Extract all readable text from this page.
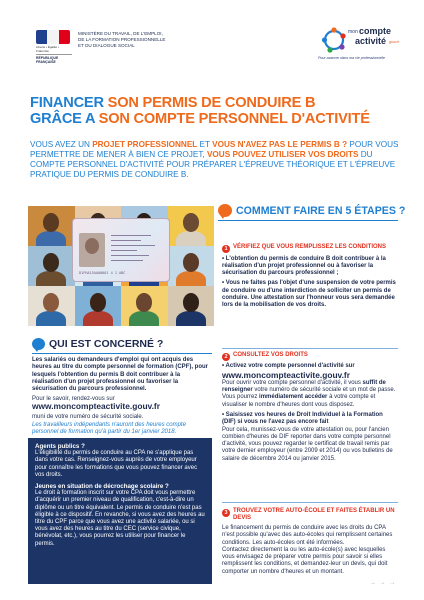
Liberté • Égalité • Fraternité
RÉPUBLIQUE FRANÇAISE
MINISTÈRE DU TRAVAIL, DE L'EMPLOI,
DE LA FORMATION PROFESSIONNELLE
ET DU DIALOGUE SOCIAL
mon compte
activité .gouv.fr
Pour avancer dans ma vie professionnelle
FINANCER SON PERMIS DE CONDUIRE B
GRÂCE A SON COMPTE PERSONNEL D'ACTIVITÉ
VOUS AVEZ UN PROJET PROFESSIONNEL ET VOUS N'AVEZ PAS LE PERMIS B ? POUR VOUS PERMETTRE DE MENER À BIEN CE PROJET, VOUS POUVEZ UTILISER VOS DROITS DU COMPTE PERSONNEL D'ACTIVITÉ POUR PRÉPARER L'ÉPREUVE THÉORIQUE ET L'ÉPREUVE PRATIQUE DU PERMIS DE CONDUIRE B.
D1FRA15AA00001 4 1 ABC
QUI EST CONCERNÉ ?
Les salariés ou demandeurs d'emploi qui ont acquis des heures au titre du compte personnel de formation (CPF), pour lesquels l'obtention du permis B doit contribuer à la réalisation d'un projet professionnel ou favoriser la sécurisation du parcours professionnel.
Pour le savoir, rendez-vous sur
www.moncompteactivite.gouv.fr
muni de votre numéro de sécurité sociale.
Les travailleurs indépendants n'auront des heures compte personnel de formation qu'à partir du 1er janvier 2018.
Agents publics ?
L'éligibilité du permis de conduire au CPA ne s'applique pas dans votre cas. Renseignez-vous auprès de votre employeur pour connaître les formations que vous pouvez financer avec vos droits.
Jeunes en situation de décrochage scolaire ?
Le droit à formation inscrit sur votre CPA doit vous permettre d'acquérir un premier niveau de qualification, c'est-à-dire un diplôme ou un titre équivalent. Le permis de conduire n'est pas éligible à ce dispositif. En revanche, si vous avez des heures au titre du CPF parce que vous avez une activité salariée, ou si vous avez des heures au titre du CEC (service civique, bénévolat, etc.), vous pourrez les utiliser pour financer le permis.
COMMENT FAIRE EN 5 ÉTAPES ?
1 VÉRIFIEZ QUE VOUS REMPLISSEZ LES CONDITIONS
• L'obtention du permis de conduire B doit contribuer à la réalisation d'un projet professionnel ou à favoriser la sécurisation du parcours professionnel ;
• Vous ne faites pas l'objet d'une suspension de votre permis de conduire ou d'une interdiction de solliciter un permis de conduire. Une attestation sur l'honneur vous sera demandée lors de la mobilisation de vos droits.
2 CONSULTEZ VOS DROITS
• Activez votre compte personnel d'activité sur
www.moncompteactivite.gouv.fr
Pour ouvrir votre compte personnel d'activité, il vous suffit de renseigner votre numéro de sécurité sociale et un mot de passe.
Vous pourrez immédiatement accéder à votre compte et visualiser le nombre d'heures dont vous disposez.
• Saisissez vos heures de Droit Individuel à la Formation (DIF) si vous ne l'avez pas encore fait
Pour cela, munissez-vous de votre attestation ou, pour l'ancien combien d'heures de DIF reporter dans votre compte personnel d'activité, vous pouvez regarder le certificat de travail remis par votre dernier employeur (entre 2009 et 2014) ou vos bulletins de salaire de décembre 2014 ou janvier 2015.
3 TROUVEZ VOTRE AUTO-ÉCOLE ET FAITES ÉTABLIR UN DEVIS
Le financement du permis de conduire avec les droits du CPA n'est possible qu'avec des auto-écoles qui remplissent certaines conditions. Les auto-écoles ont été informées.
Contactez directement la ou les auto-école(s) avec lesquelles vous envisagez de préparer votre permis pour savoir si elles remplissent les conditions, et demandez-leur un devis, qui doit comporter un nombre d'heures et un montant.
→ → →
